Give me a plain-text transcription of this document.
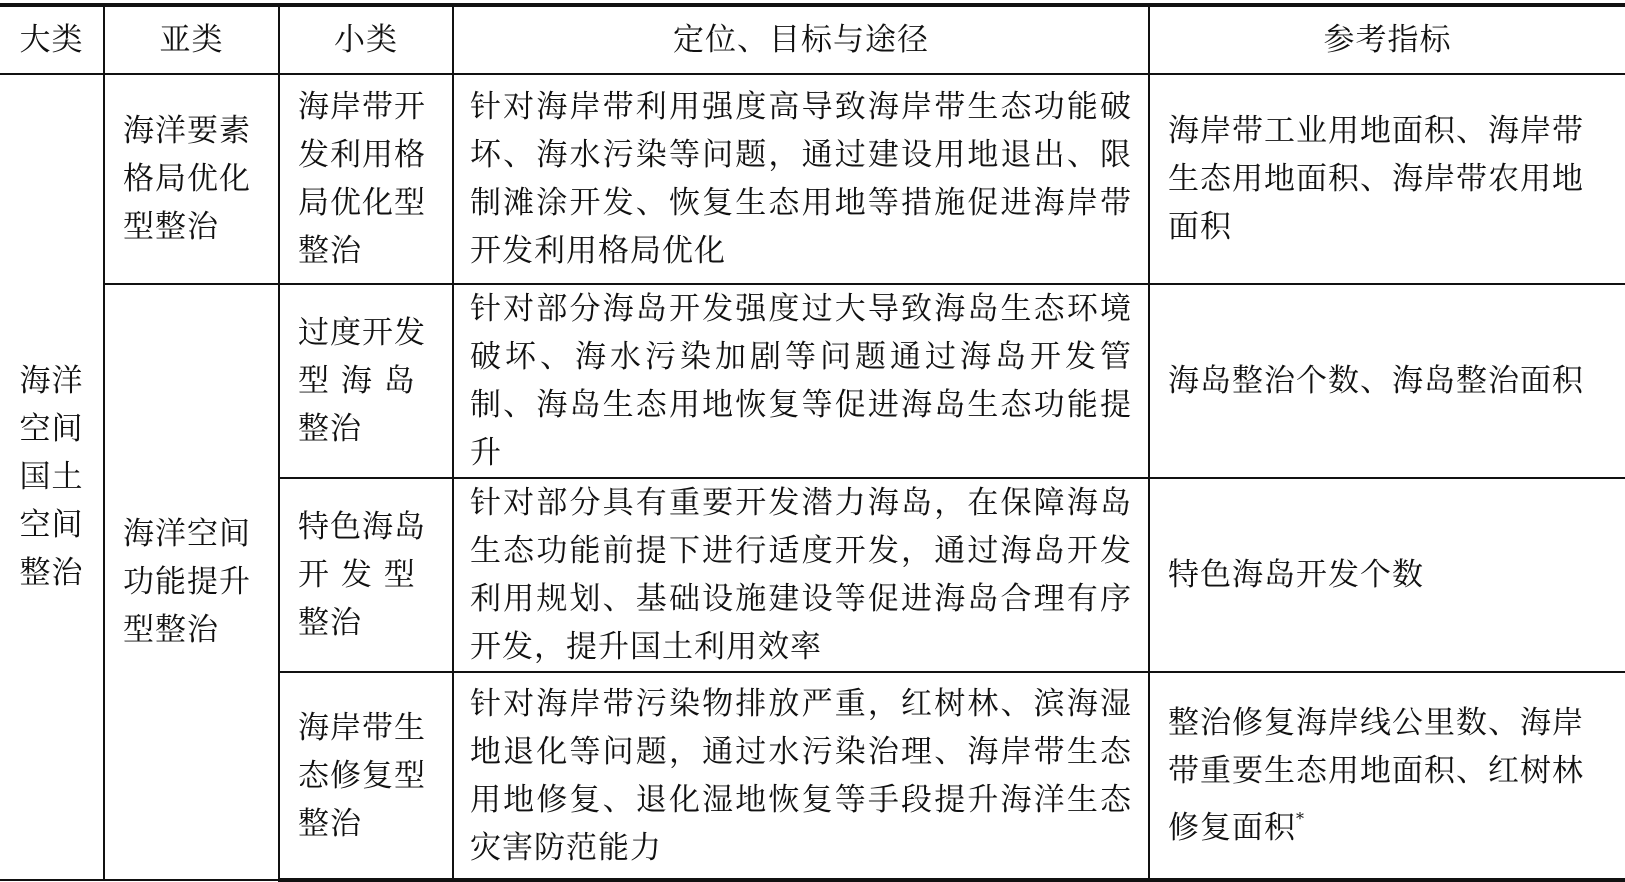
大类	亚类	小类	定位、目标与途径	参考指标
海洋空间国土空间整治	海洋要素格局优化型整治	海岸带开发利用格局优化型整治	针对海岸带利用强度高导致海岸带生态功能破坏、海水污染等问题，通过建设用地退出、限制滩涂开发、恢复生态用地等措施促进海岸带开发利用格局优化	海岸带工业用地面积、海岸带生态用地面积、海岸带农用地面积
	海洋空间功能提升型整治	过度开发型 海 岛整治	针对部分海岛开发强度过大导致海岛生态环境破坏、海水污染加剧等问题通过海岛开发管制、海岛生态用地恢复等促进海岛生态功能提升	海岛整治个数、海岛整治面积
		特色海岛开 发 型整治	针对部分具有重要开发潜力海岛，在保障海岛生态功能前提下进行适度开发，通过海岛开发利用规划、基础设施建设等促进海岛合理有序开发，提升国土利用效率	特色海岛开发个数
		海岸带生态修复型整治	针对海岸带污染物排放严重，红树林、滨海湿地退化等问题，通过水污染治理、海岸带生态用地修复、退化湿地恢复等手段提升海洋生态灾害防范能力	整治修复海岸线公里数、海岸带重要生态用地面积、红树林修复面积*
